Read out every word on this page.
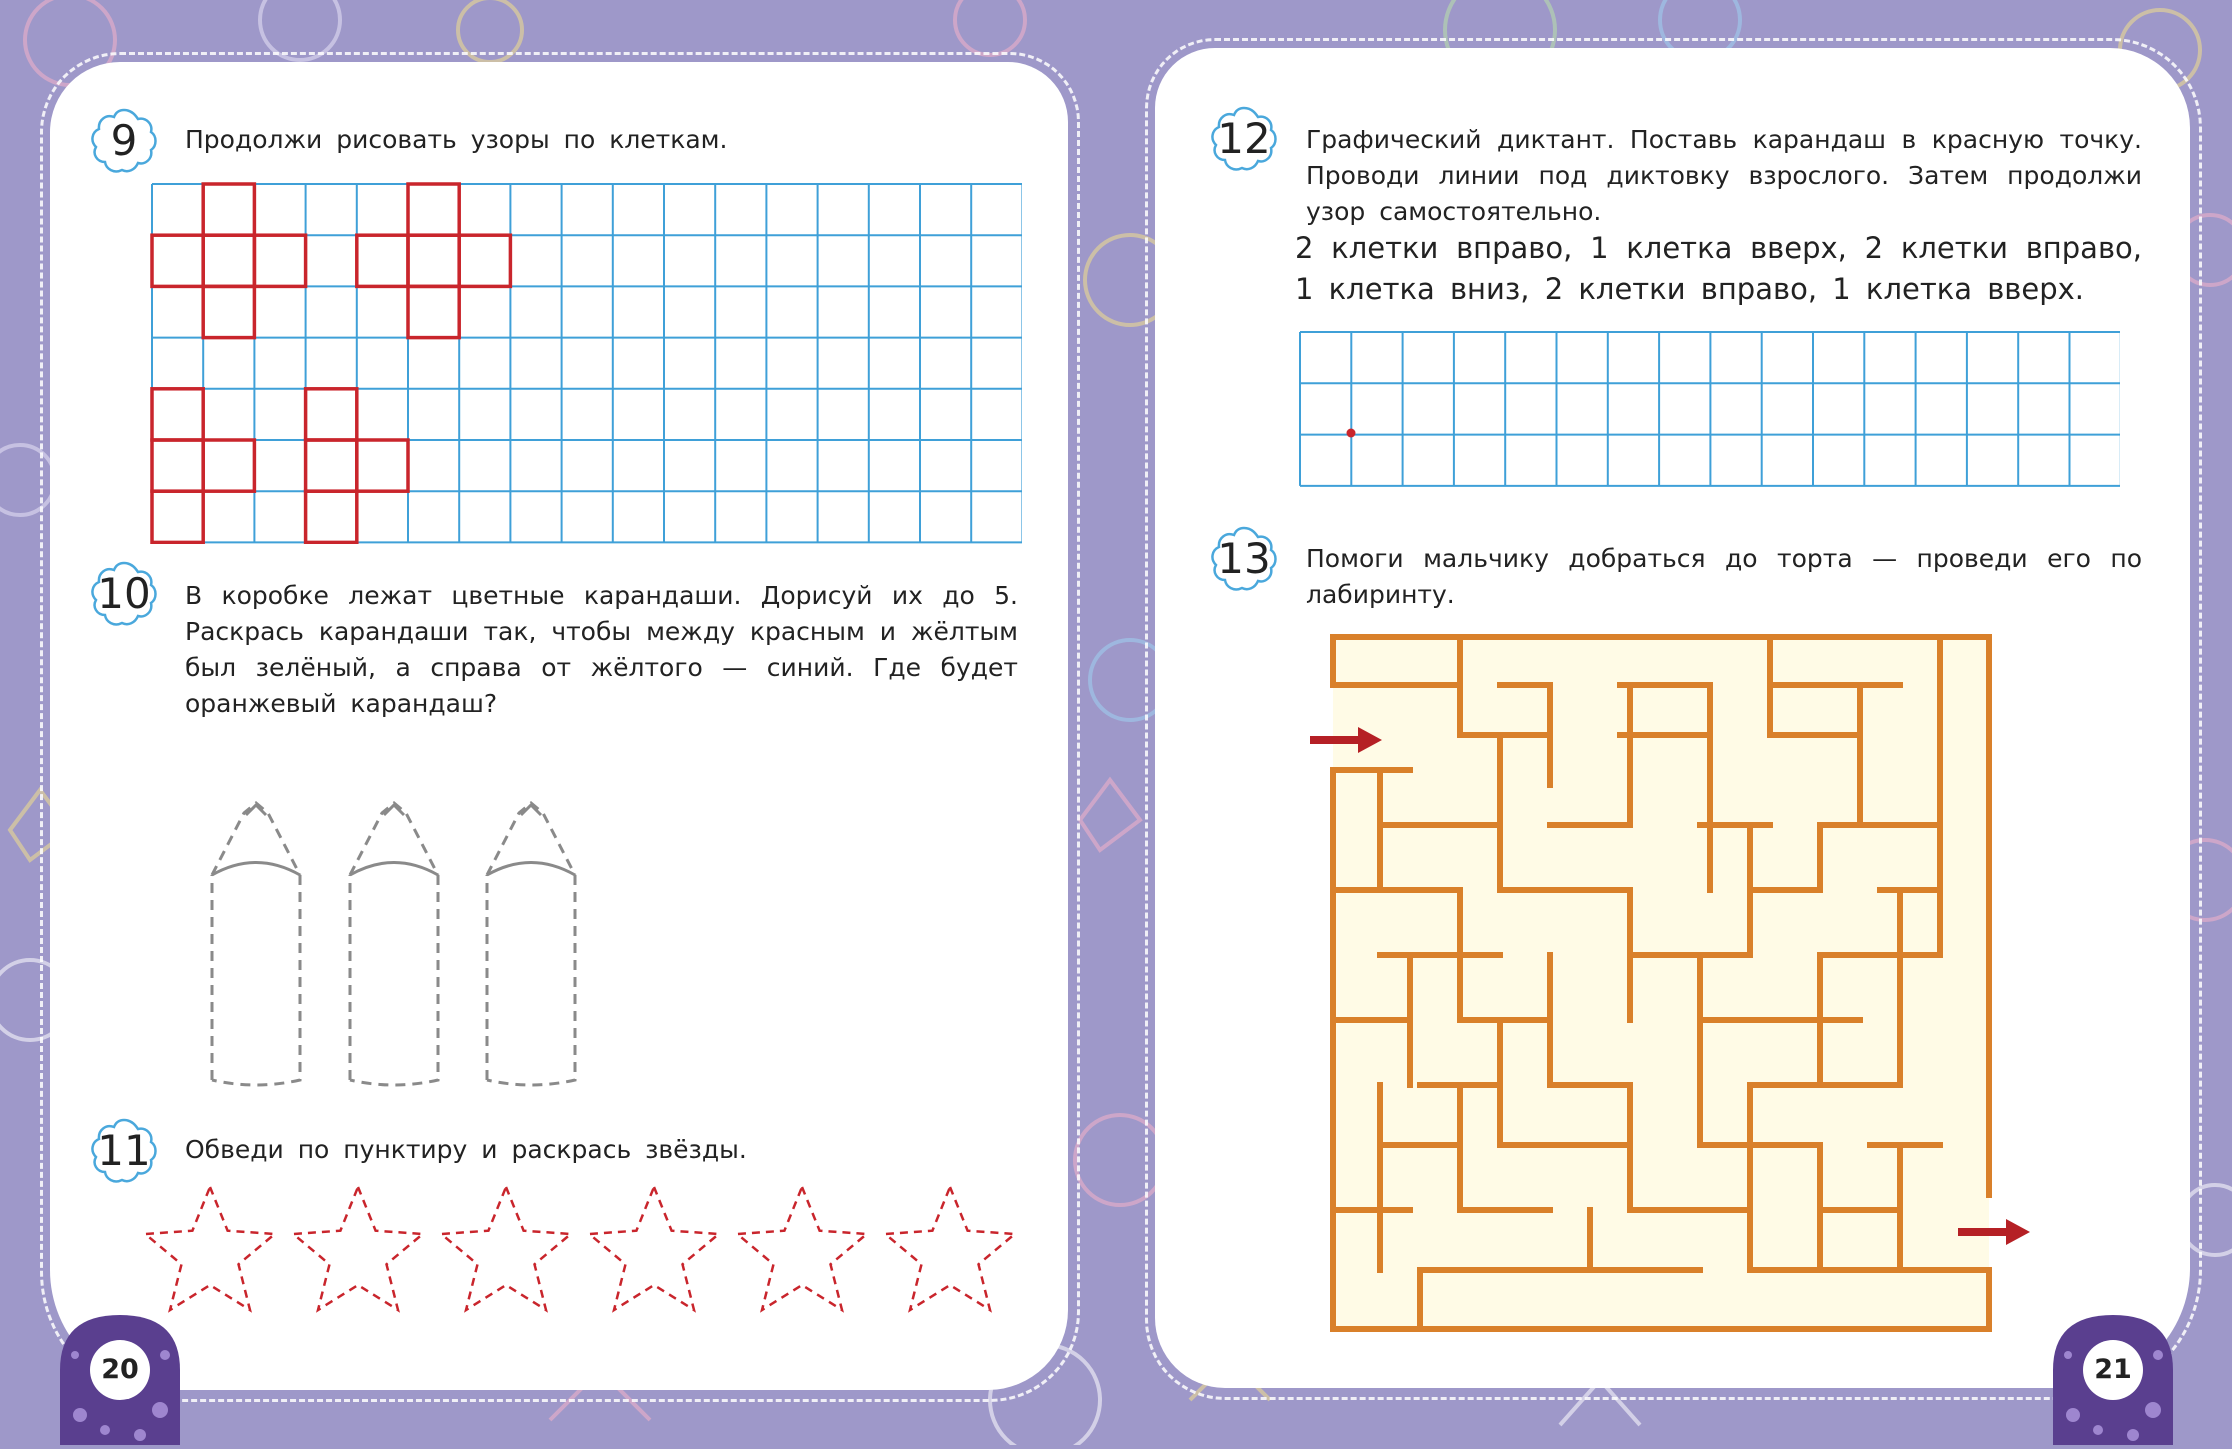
9	Продолжи рисовать узоры по клеткам.
10 В коробке лежат цветные карандаши. Дорисуй их до 5. Раскрась карандаши так, чтобы между красным и жёлтым был зелёный, а справа от жёлтого — синий. Где будет оранжевый карандаш?
11 Обведи по пунктиру и раскрась звёзды.
20
12 Графический диктант. Поставь карандаш в красную точку. Проводи линии под диктовку взрослого. Затем продолжи узор самостоятельно.
2 клетки вправо, 1 клетка вверх, 2 клетки вправо, 1 клетка вниз, 2 клетки вправо, 1 клетка вверх.
13 Помоги мальчику добраться до торта — проведи его по лабиринту.
21
